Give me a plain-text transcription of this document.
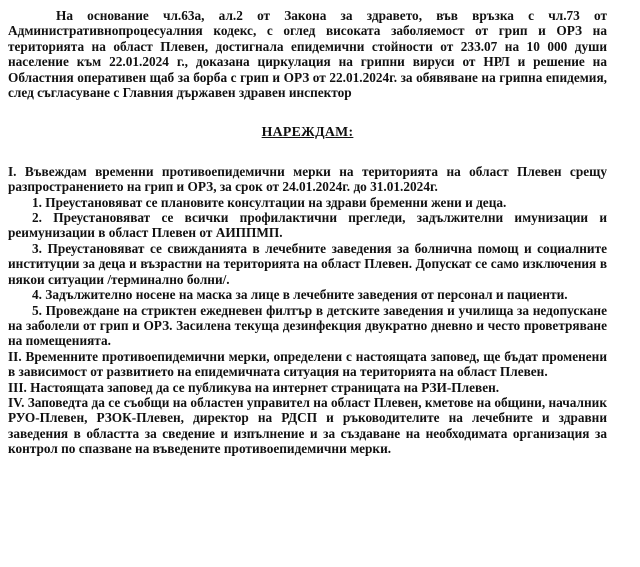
На основание чл.63а, ал.2 от Закона за здравето, във връзка с чл.73 от Административнопроцесуалния кодекс, с оглед високата заболяемост от грип и ОРЗ на територията на област Плевен, достигнала епидемични стойности от 233.07 на 10 000 души население към 22.01.2024 г., доказана циркулация на грипни вируси от НРЛ и решение на Областния оперативен щаб за борба с грип и ОРЗ от 22.01.2024г. за обявяване на грипна епидемия, след съгласуване с Главния държавен здравен инспектор

НАРЕЖДАМ:

I. Въвеждам временни противоепидемични мерки на територията на област Плевен срещу разпространението на грип и ОРЗ, за срок от 24.01.2024г. до 31.01.2024г.

1. Преустановяват се плановите консултации на здрави бременни жени и деца.

2. Преустановяват се всички профилактични прегледи, задължителни имунизации и реимунизации в област Плевен от АИППМП.

3. Преустановяват се свижданията в лечебните заведения за болнична помощ и социалните институции за деца и възрастни на територията на област Плевен. Допускат се само изключения в някои ситуации /терминално болни/.

4. Задължително носене на маска за лице в лечебните заведения от персонал и пациенти.

5. Провеждане на стриктен ежедневен филтър в детските заведения и училища за недопускане на заболели от грип и ОРЗ. Засилена текуща дезинфекция двукратно дневно и често проветряване на помещенията.

II. Временните противоепидемични мерки, определени с настоящата заповед, ще бъдат променени в зависимост от развитието на епидемичната ситуация на територията на област Плевен.

III. Настоящата заповед да се публикува на интернет страницата на РЗИ-Плевен.

IV. Заповедта да се съобщи на областен управител на област Плевен, кметове на общини, началник РУО-Плевен, РЗОК-Плевен, директор на РДСП и ръководителите на лечебните и здравни заведения в областта за сведение и изпълнение и за създаване на необходимата организация за контрол по спазване на въведените противоепидемични мерки.
